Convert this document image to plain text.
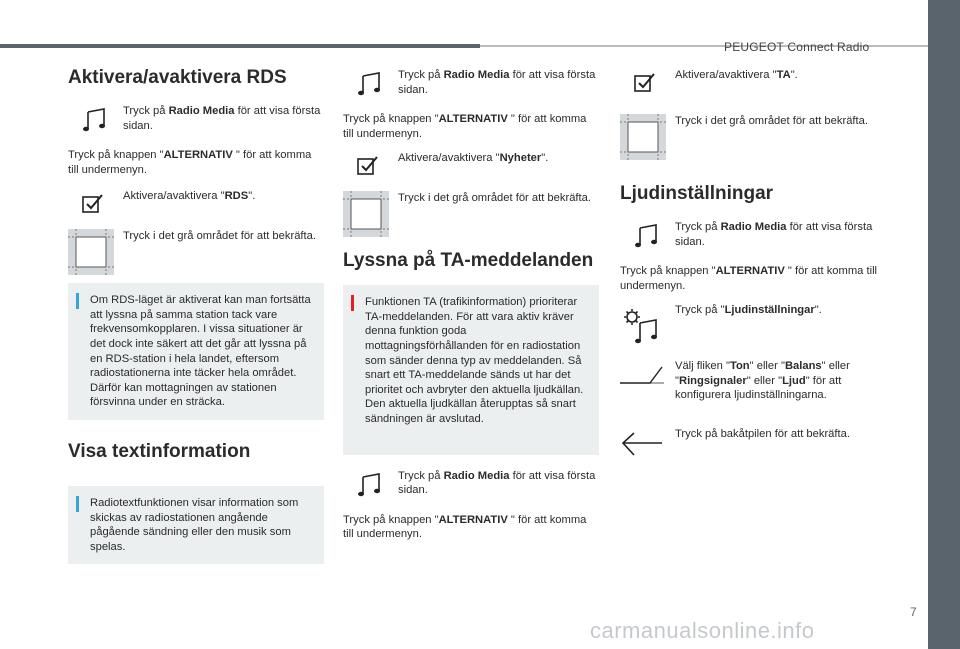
PEUGEOT Connect Radio
■
7
carmanualsonline.info
Aktivera/avaktivera RDS
Tryck på Radio Media för att visa första sidan.
Tryck på knappen "ALTERNATIV " för att komma till undermenyn.
Aktivera/avaktivera "RDS".
Tryck i det grå området för att bekräfta.
Om RDS-läget är aktiverat kan man fortsätta att lyssna på samma station tack vare frekvensomkopplaren. I vissa situationer är det dock inte säkert att det går att lyssna på en RDS-station i hela landet, eftersom radiostationerna inte täcker hela området. Därför kan mottagningen av stationen försvinna under en sträcka.
Visa textinformation
Radiotextfunktionen visar information som skickas av radiostationen angående pågående sändning eller den musik som spelas.
Tryck på Radio Media för att visa första sidan.
Tryck på knappen "ALTERNATIV " för att komma till undermenyn.
Aktivera/avaktivera "Nyheter".
Tryck i det grå området för att bekräfta.
Lyssna på TA-meddelanden
Funktionen TA (trafikinformation) prioriterar TA-meddelanden. För att vara aktiv kräver denna funktion goda mottagningsförhållanden för en radiostation som sänder denna typ av meddelanden. Så snart ett TA-meddelande sänds ut har det prioritet och avbryter den aktuella ljudkällan. Den aktuella ljudkällan återupptas så snart sändningen är avslutad.
Tryck på Radio Media för att visa första sidan.
Tryck på knappen "ALTERNATIV " för att komma till undermenyn.
Aktivera/avaktivera "TA".
Tryck i det grå området för att bekräfta.
Ljudinställningar
Tryck på Radio Media för att visa första sidan.
Tryck på knappen "ALTERNATIV " för att komma till undermenyn.
Tryck på "Ljudinställningar".
Välj fliken "Ton" eller "Balans" eller "Ringsignaler" eller "Ljud" för att konfigurera ljudinställningarna.
Tryck på bakåtpilen för att bekräfta.
